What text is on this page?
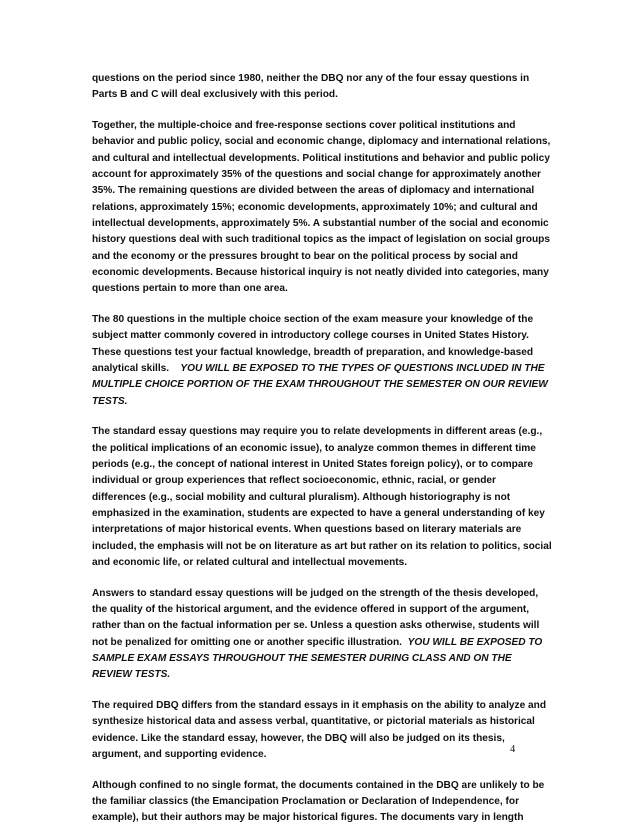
questions on the period since 1980, neither the DBQ nor any of the four essay questions in Parts B and C will deal exclusively with this period.

Together, the multiple-choice and free-response sections cover political institutions and behavior and public policy, social and economic change, diplomacy and international relations, and cultural and intellectual developments. Political institutions and behavior and public policy account for approximately 35% of the questions and social change for approximately another 35%. The remaining questions are divided between the areas of diplomacy and international relations, approximately 15%; economic developments, approximately 10%; and cultural and intellectual developments, approximately 5%. A substantial number of the social and economic history questions deal with such traditional topics as the impact of legislation on social groups and the economy or the pressures brought to bear on the political process by social and economic developments. Because historical inquiry is not neatly divided into categories, many questions pertain to more than one area.

The 80 questions in the multiple choice section of the exam measure your knowledge of the subject matter commonly covered in introductory college courses in United States History. These questions test your factual knowledge, breadth of preparation, and knowledge-based analytical skills. YOU WILL BE EXPOSED TO THE TYPES OF QUESTIONS INCLUDED IN THE MULTIPLE CHOICE PORTION OF THE EXAM THROUGHOUT THE SEMESTER ON OUR REVIEW TESTS.

The standard essay questions may require you to relate developments in different areas (e.g., the political implications of an economic issue), to analyze common themes in different time periods (e.g., the concept of national interest in United States foreign policy), or to compare individual or group experiences that reflect socioeconomic, ethnic, racial, or gender differences (e.g., social mobility and cultural pluralism). Although historiography is not emphasized in the examination, students are expected to have a general understanding of key interpretations of major historical events. When questions based on literary materials are included, the emphasis will not be on literature as art but rather on its relation to politics, social and economic life, or related cultural and intellectual movements.

Answers to standard essay questions will be judged on the strength of the thesis developed, the quality of the historical argument, and the evidence offered in support of the argument, rather than on the factual information per se. Unless a question asks otherwise, students will not be penalized for omitting one or another specific illustration. YOU WILL BE EXPOSED TO SAMPLE EXAM ESSAYS THROUGHOUT THE SEMESTER DURING CLASS AND ON THE REVIEW TESTS.

The required DBQ differs from the standard essays in it emphasis on the ability to analyze and synthesize historical data and assess verbal, quantitative, or pictorial materials as historical evidence. Like the standard essay, however, the DBQ will also be judged on its thesis, argument, and supporting evidence.

Although confined to no single format, the documents contained in the DBQ are unlikely to be the familiar classics (the Emancipation Proclamation or Declaration of Independence, for example), but their authors may be major historical figures. The documents vary in length

4
